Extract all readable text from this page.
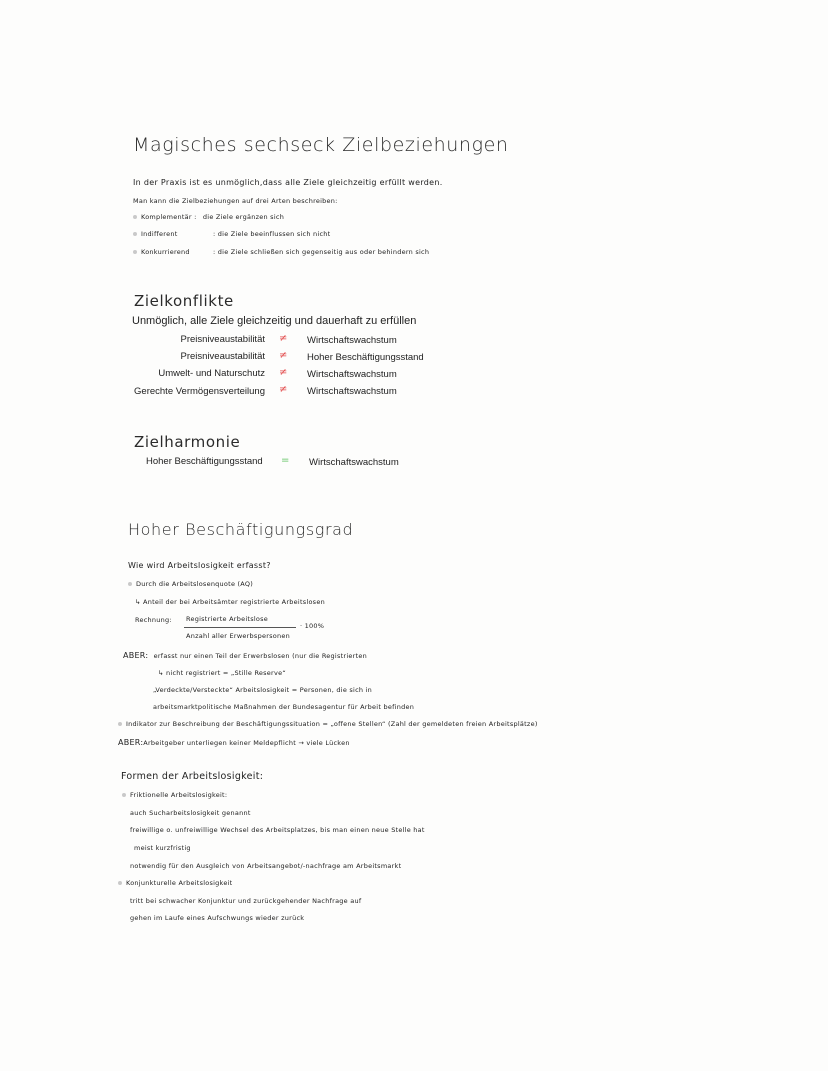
Magisches sechseck Zielbeziehungen
In der Praxis ist es unmöglich,dass alle Ziele gleichzeitig erfüllt werden.
Man kann die Zielbeziehungen auf drei Arten beschreiben:
Komplementär : die Ziele ergänzen sich
Indifferent	: die Ziele beeinflussen sich nicht
Konkurrierend	: die Ziele schließen sich gegenseitig aus oder behindern sich
Zielkonflikte
Unmöglich, alle Ziele gleichzeitig und dauerhaft zu erfüllen
Preisniveaustabilität ≠ Wirtschaftswachstum
Preisniveaustabilität ≠ Hoher Beschäftigungsstand
Umwelt- und Naturschutz ≠ Wirtschaftswachstum
Gerechte Vermögensverteilung ≠ Wirtschaftswachstum
Zielharmonie
Hoher Beschäftigungsstand = Wirtschaftswachstum
Hoher Beschäftigungsgrad
Wie wird Arbeitslosigkeit erfasst?
Durch die Arbeitslosenquote (AQ)
↳ Anteil der bei Arbeitsämter registrierte Arbeitslosen
Rechnung: Registrierte Arbeitslose
· 100%
Anzahl aller Erwerbspersonen
ABER: erfasst nur einen Teil der Erwerbslosen (nur die Registrierten
↳ nicht registriert = „Stille Reserve“
„Verdeckte/Versteckte“ Arbeitslosigkeit = Personen, die sich in
arbeitsmarktpolitische Maßnahmen der Bundesagentur für Arbeit befinden
Indikator zur Beschreibung der Beschäftigungssituation = „offene Stellen“ (Zahl der gemeldeten freien Arbeitsplätze)
ABER:Arbeitgeber unterliegen keiner Meldepflicht → viele Lücken
Formen der Arbeitslosigkeit:
Friktionelle Arbeitslosigkeit:
auch Sucharbeitslosigkeit genannt
freiwillige o. unfreiwillige Wechsel des Arbeitsplatzes, bis man einen neue Stelle hat
meist kurzfristig
notwendig für den Ausgleich von Arbeitsangebot/-nachfrage am Arbeitsmarkt
Konjunkturelle Arbeitslosigkeit
tritt bei schwacher Konjunktur und zurückgehender Nachfrage auf
gehen im Laufe eines Aufschwungs wieder zurück
